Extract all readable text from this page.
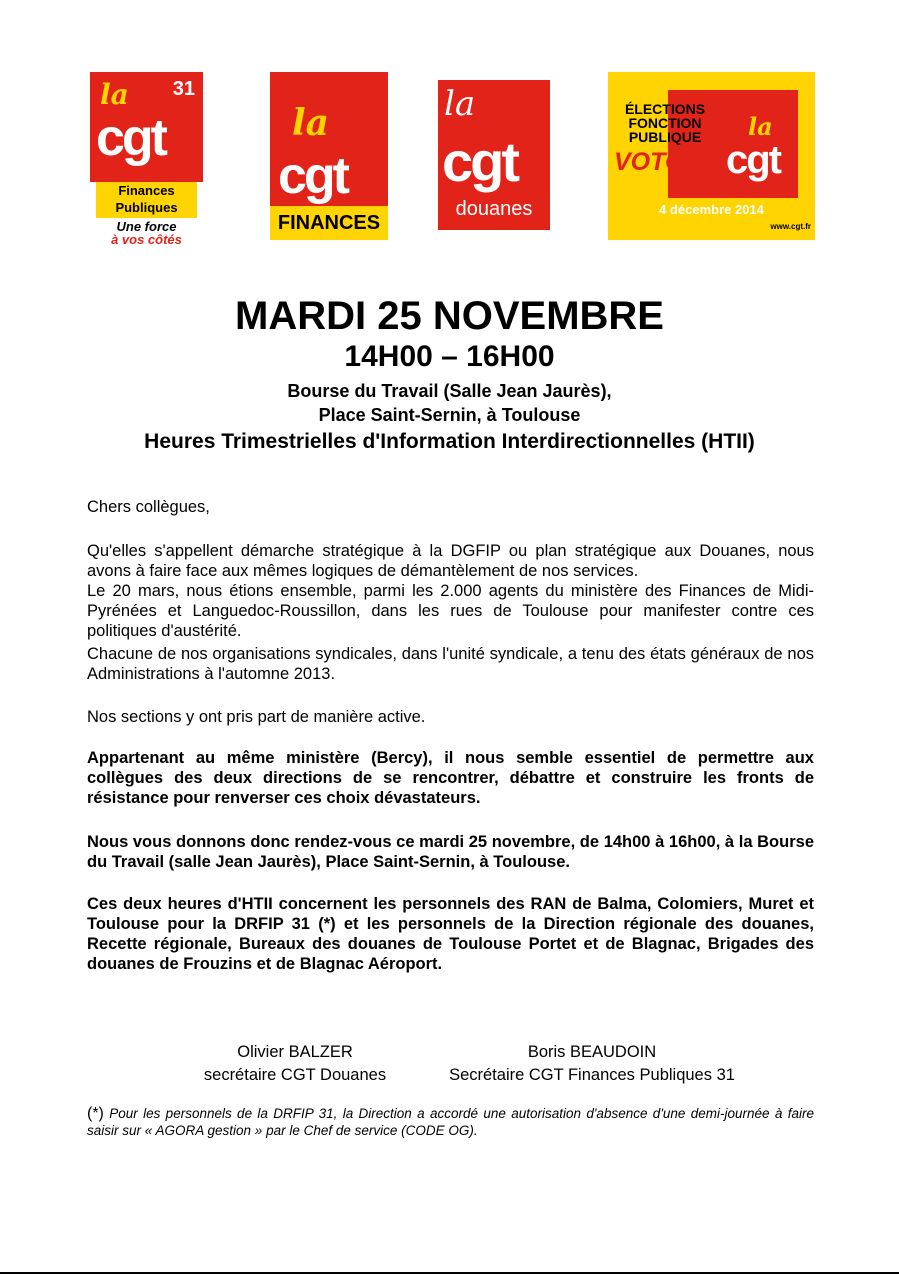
la 31
cgt
Finances
Publiques
Une force
à vos côtés
la
cgt
FINANCES
la
cgt
douanes
ÉLECTIONS
FONCTION
PUBLIQUE	la
VOTONS cgt
4 décembre 2014
www.cgt.fr
MARDI 25 NOVEMBRE
14H00 – 16H00
Bourse du Travail (Salle Jean Jaurès),
Place Saint-Sernin, à Toulouse
Heures Trimestrielles d'Information Interdirectionnelles (HTII)

Chers collègues,

Qu'elles s'appellent démarche stratégique à la DGFIP ou plan stratégique aux Douanes, nous avons à faire face aux mêmes logiques de démantèlement de nos services.

Le 20 mars, nous étions ensemble, parmi les 2.000 agents du ministère des Finances de Midi-Pyrénées et Languedoc-Roussillon, dans les rues de Toulouse pour manifester contre ces politiques d'austérité.

Chacune de nos organisations syndicales, dans l'unité syndicale, a tenu des états généraux de nos Administrations à l'automne 2013.

Nos sections y ont pris part de manière active.

Appartenant au même ministère (Bercy), il nous semble essentiel de permettre aux collègues des deux directions de se rencontrer, débattre et construire les fronts de résistance pour renverser ces choix dévastateurs.

Nous vous donnons donc rendez-vous ce mardi 25 novembre, de 14h00 à 16h00, à la Bourse du Travail (salle Jean Jaurès), Place Saint-Sernin, à Toulouse.

Ces deux heures d'HTII concernent les personnels des RAN de Balma, Colomiers, Muret et Toulouse pour la DRFIP 31 (*) et les personnels de la Direction régionale des douanes, Recette régionale, Bureaux des douanes de Toulouse Portet et de Blagnac, Brigades des douanes de Frouzins et de Blagnac Aéroport.

Olivier BALZER
secrétaire CGT Douanes
Boris BEAUDOIN
Secrétaire CGT Finances Publiques 31

(*) Pour les personnels de la DRFIP 31, la Direction a accordé une autorisation d'absence d'une demi-journée à faire saisir sur « AGORA gestion » par le Chef de service (CODE OG).
